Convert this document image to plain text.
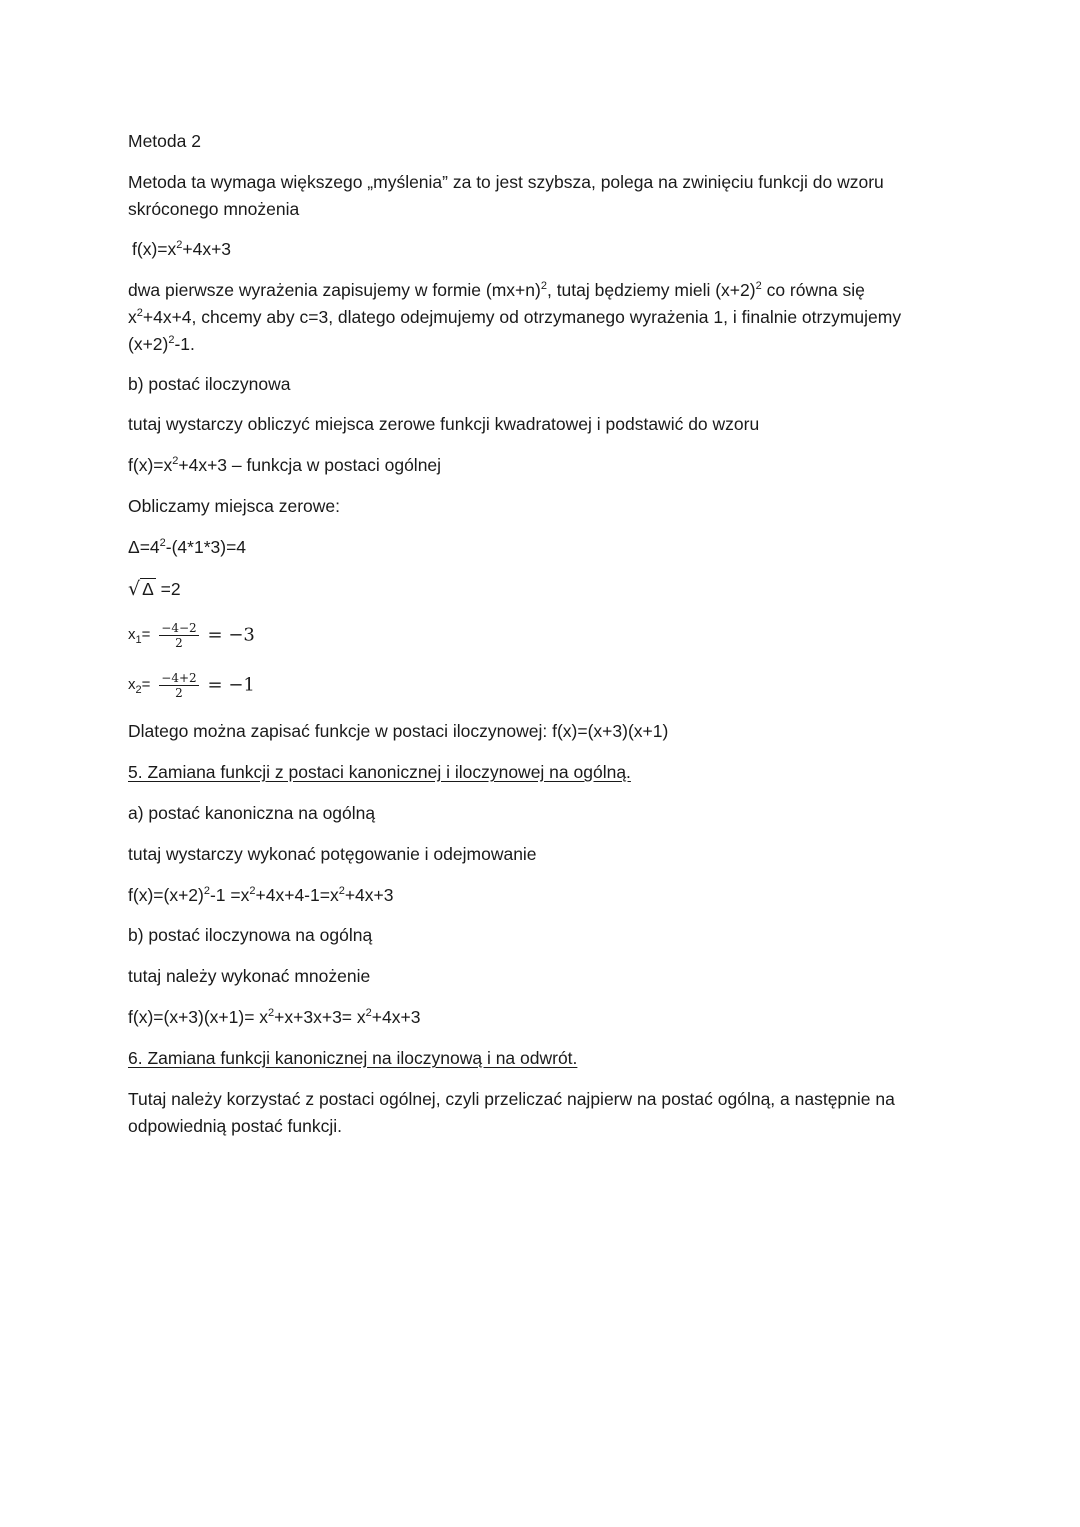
Metoda 2
Metoda ta wymaga większego „myślenia” za to jest szybsza, polega na zwinięciu funkcji do wzoru skróconego mnożenia
$f(x)=x^2+4x+3$
dwa pierwsze wyrażenia zapisujemy w formie $(mx+n)^2$, tutaj będziemy mieli $(x+2)^2$ co równa się
$x^2+4x+4$, chcemy aby c=3, dlatego odejmujemy od otrzymanego wyrażenia 1, i finalnie otrzymujemy
$(x+2)^2-1$.
b) postać iloczynowa
tutaj wystarczy obliczyć miejsca zerowe funkcji kwadratowej i podstawić do wzoru
$f(x)=x^2+4x+3$ – funkcja w postaci ogólnej
Obliczamy miejsca zerowe:
$\Delta=4^2-(4*1*3)=4$
√ Δ =2
$x_1= \frac{-4-2}{2} = -3$
$x_2= \frac{-4+2}{2} = -1$
Dlatego można zapisać funkcje w postaci iloczynowej: f(x)=(x+3)(x+1)
5. Zamiana funkcji z postaci kanonicznej i iloczynowej na ogólną.
a) postać kanoniczna na ogólną
tutaj wystarczy wykonać potęgowanie i odejmowanie
$f(x)=(x+2)^2-1 =x^2+4x+4-1=x^2+4x+3$
b) postać iloczynowa na ogólną
tutaj należy wykonać mnożenie
$f(x)=(x+3)(x+1)= x^2+x+3x+3= x^2+4x+3$
6. Zamiana funkcji kanonicznej na iloczynową i na odwrót.
Tutaj należy korzystać z postaci ogólnej, czyli przeliczać najpierw na postać ogólną, a następnie na odpowiednią postać funkcji.
